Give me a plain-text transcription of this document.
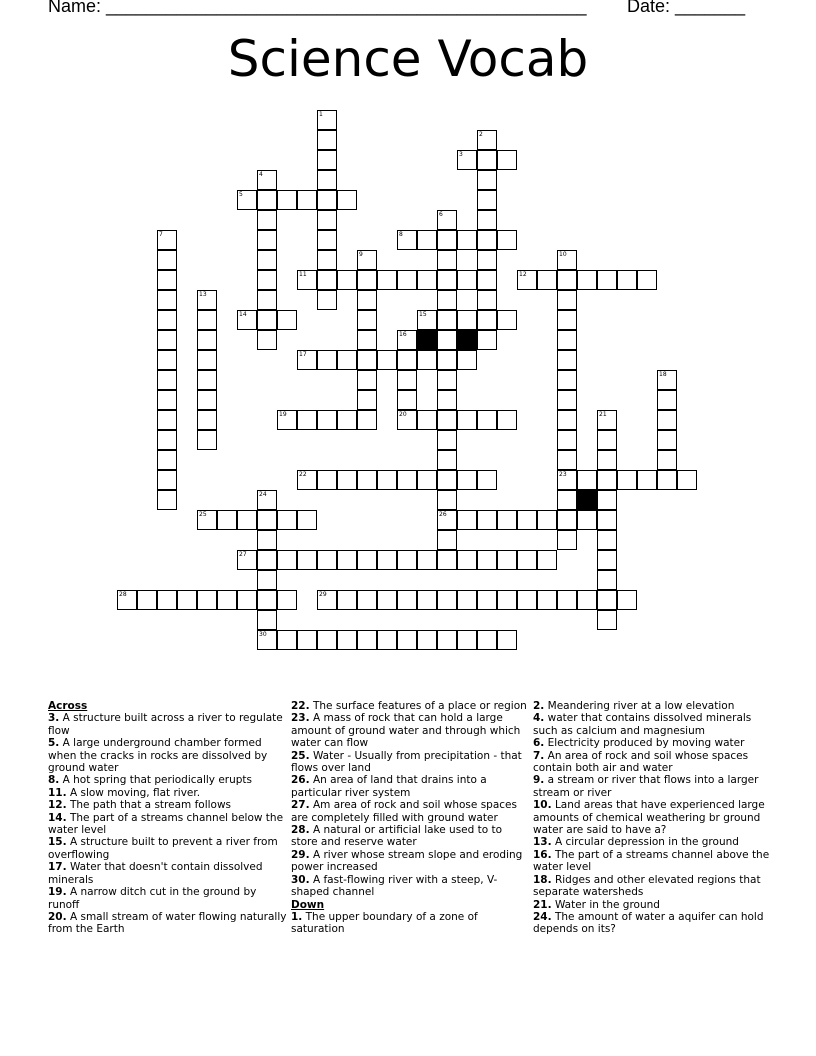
Name: ________________________________________________ Date: _______
Science Vocab
1
2
3
4
5
6
26
7	8
9	10
23
11	12
13
14	15
16
20
17
18
19	21
22
24
30
25
27
28	29
Across

3. A structure built across a river to regulate flow

5. A large underground chamber formed when the cracks in rocks are dissolved by ground water

8. A hot spring that periodically erupts

11. A slow moving, flat river.

12. The path that a stream follows

14. The part of a streams channel below the water level

15. A structure built to prevent a river from overflowing

17. Water that doesn't contain dissolved minerals

19. A narrow ditch cut in the ground by runoff

20. A small stream of water flowing naturally from the Earth

22. The surface features of a place or region

23. A mass of rock that can hold a large amount of ground water and through which water can flow

25. Water - Usually from precipitation - that flows over land

26. An area of land that drains into a particular river system

27. Am area of rock and soil whose spaces are completely filled with ground water

28. A natural or artificial lake used to to store and reserve water

29. A river whose stream slope and eroding power increased

30. A fast-flowing river with a steep, V-shaped channel

Down

1. The upper boundary of a zone of saturation

2. Meandering river at a low elevation

4. water that contains dissolved minerals such as calcium and magnesium

6. Electricity produced by moving water

7. An area of rock and soil whose spaces contain both air and water

9. a stream or river that flows into a larger stream or river

10. Land areas that have experienced large amounts of chemical weathering br ground water are said to have a?

13. A circular depression in the ground

16. The part of a streams channel above the water level

18. Ridges and other elevated regions that separate watersheds

21. Water in the ground

24. The amount of water a aquifer can hold depends on its?
